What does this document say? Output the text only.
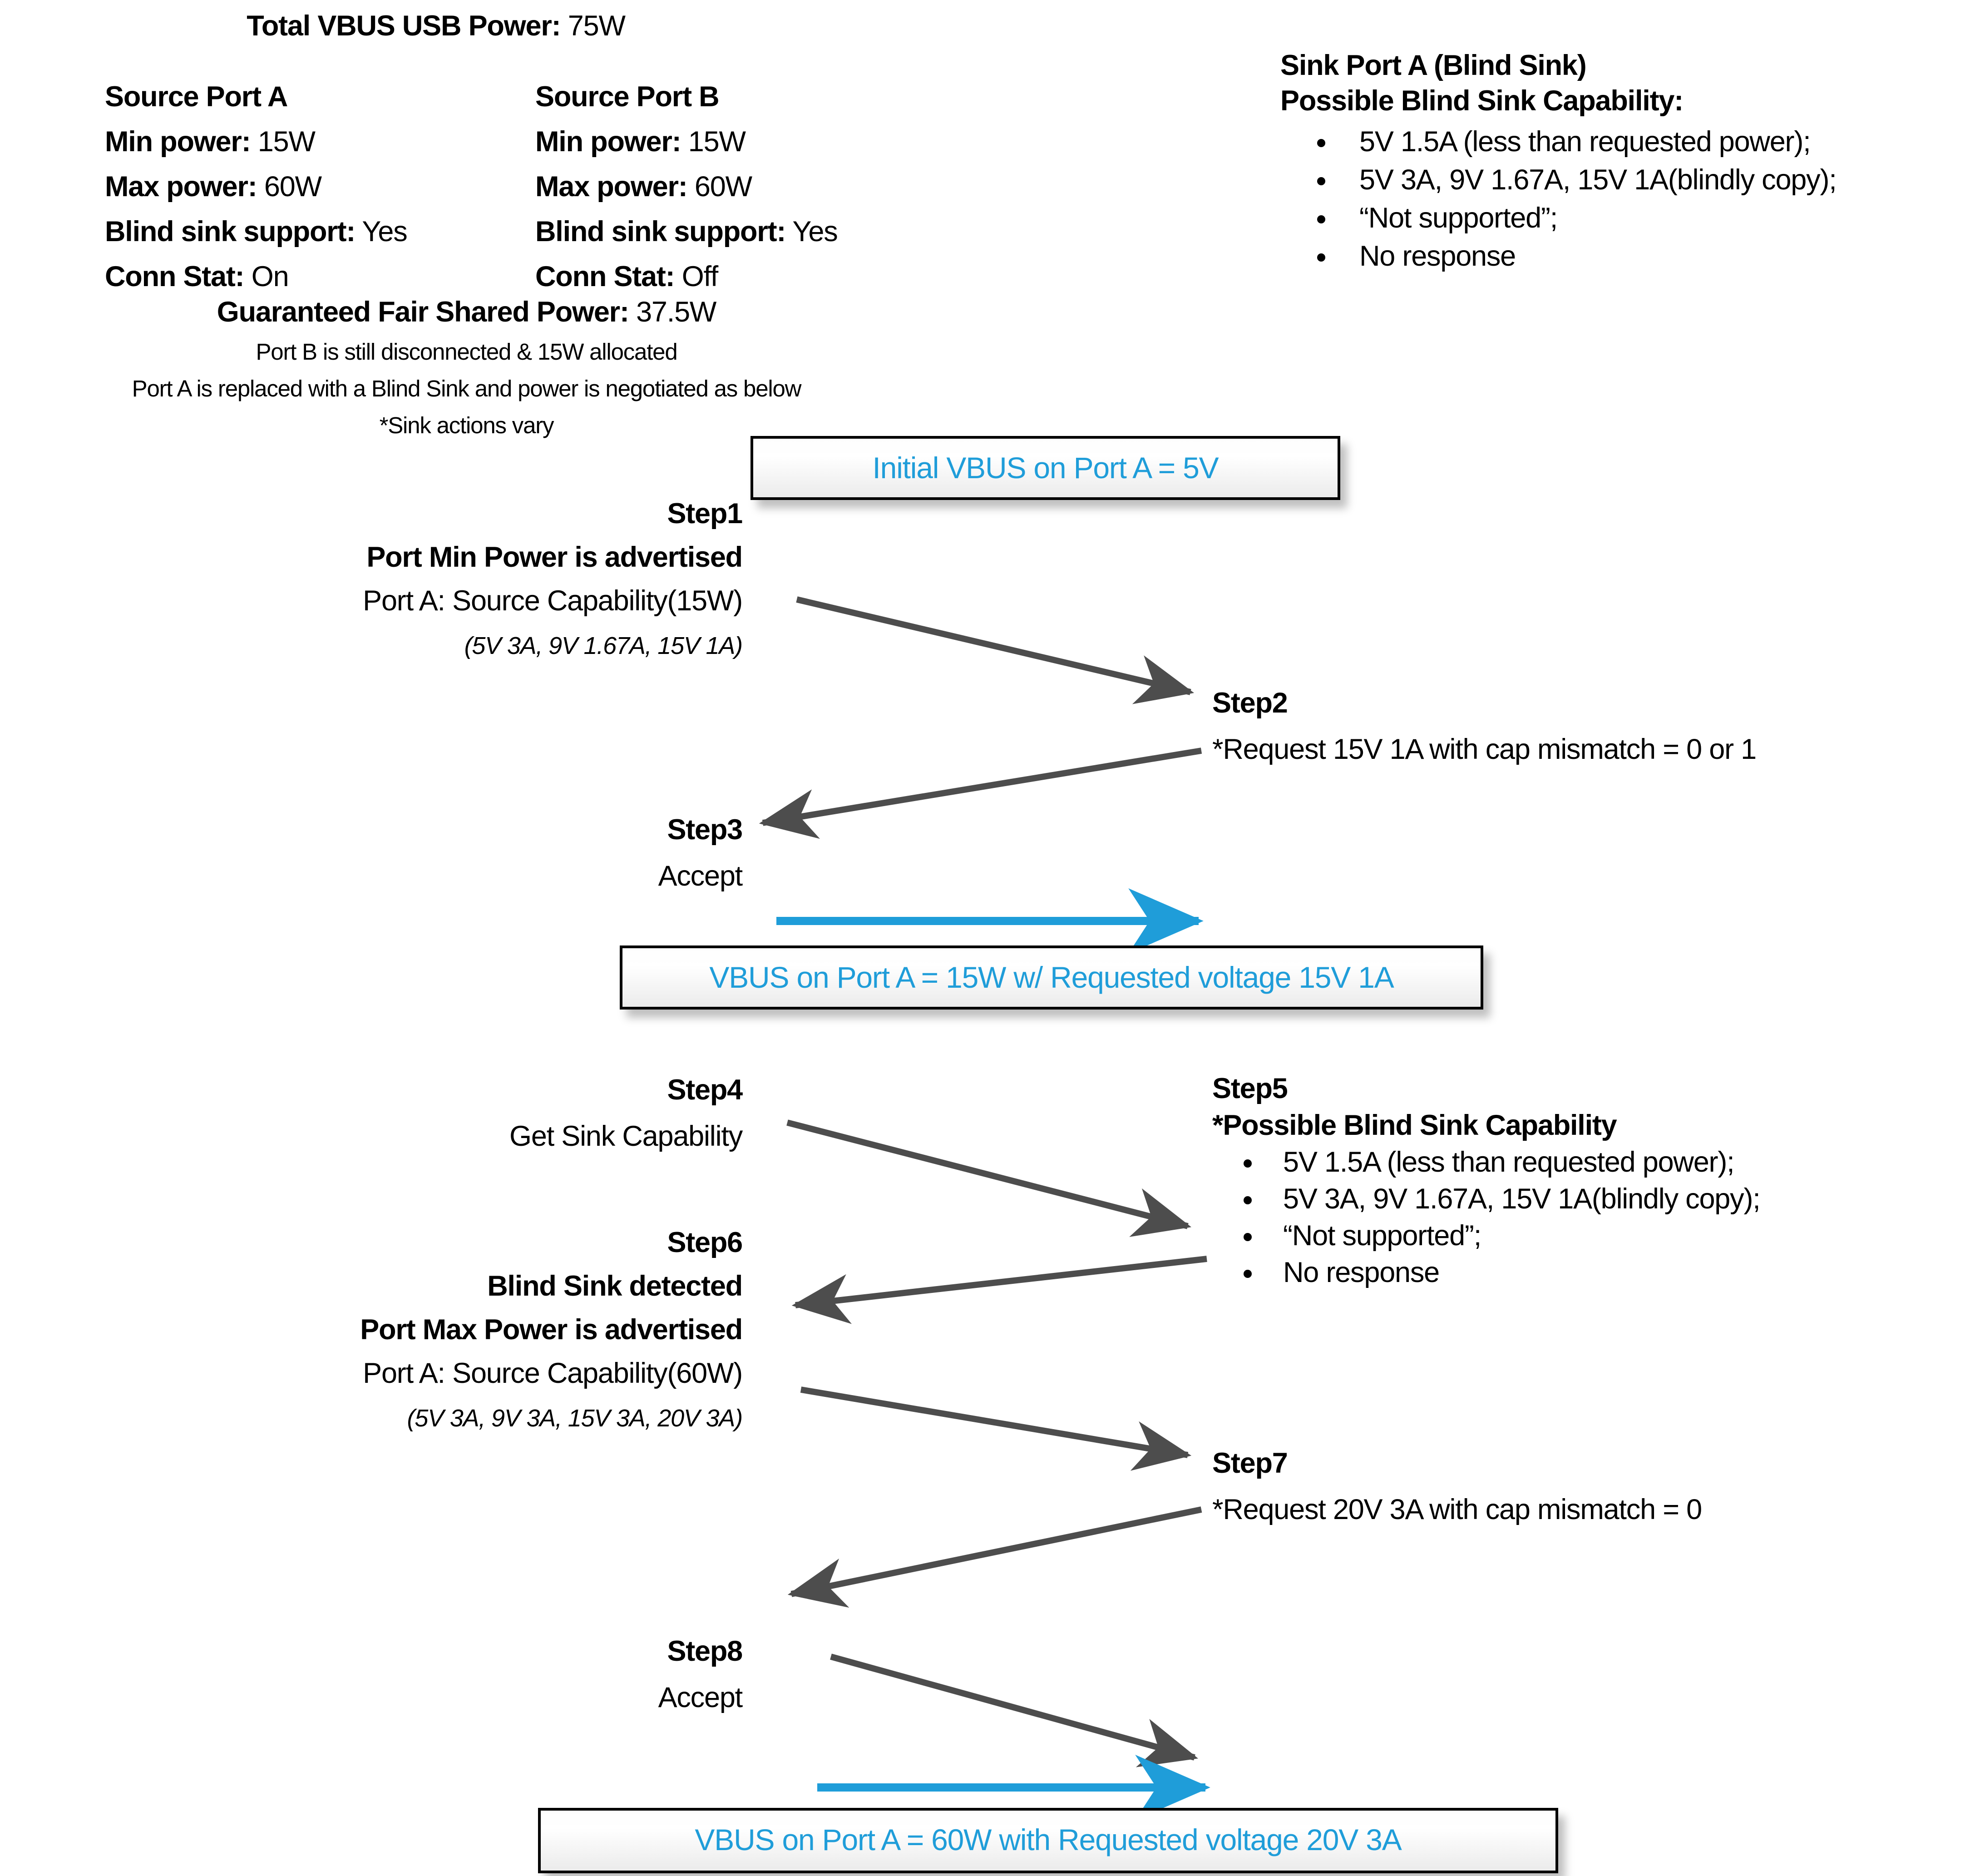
Total VBUS USB Power: 75W
Source Port A
Min power: 15W
Max power: 60W
Blind sink support: Yes
Conn Stat: On
Source Port B
Min power: 15W
Max power: 60W
Blind sink support: Yes
Conn Stat: Off
Guaranteed Fair Shared Power: 37.5W
Port B is still disconnected & 15W allocated
Port A is replaced with a Blind Sink and power is negotiated as below
*Sink actions vary
Sink Port A (Blind Sink)
Possible Blind Sink Capability:
• 5V 1.5A (less than requested power);
• 5V 3A, 9V 1.67A, 15V 1A(blindly copy);
• “Not supported”;
• No response
Initial VBUS on Port A = 5V
Step1
Port Min Power is advertised
Port A: Source Capability(15W)
(5V 3A, 9V 1.67A, 15V 1A)
Step2
*Request 15V 1A with cap mismatch = 0 or 1
Step3
Accept
VBUS on Port A = 15W w/ Requested voltage 15V 1A
Step4
Get Sink Capability
Step5
*Possible Blind Sink Capability
• 5V 1.5A (less than requested power);
• 5V 3A, 9V 1.67A, 15V 1A(blindly copy);
• “Not supported”;
• No response
Step6
Blind Sink detected
Port Max Power is advertised
Port A: Source Capability(60W)
(5V 3A, 9V 3A, 15V 3A, 20V 3A)
Step7
*Request 20V 3A with cap mismatch = 0
Step8
Accept
VBUS on Port A = 60W with Requested voltage 20V 3A
